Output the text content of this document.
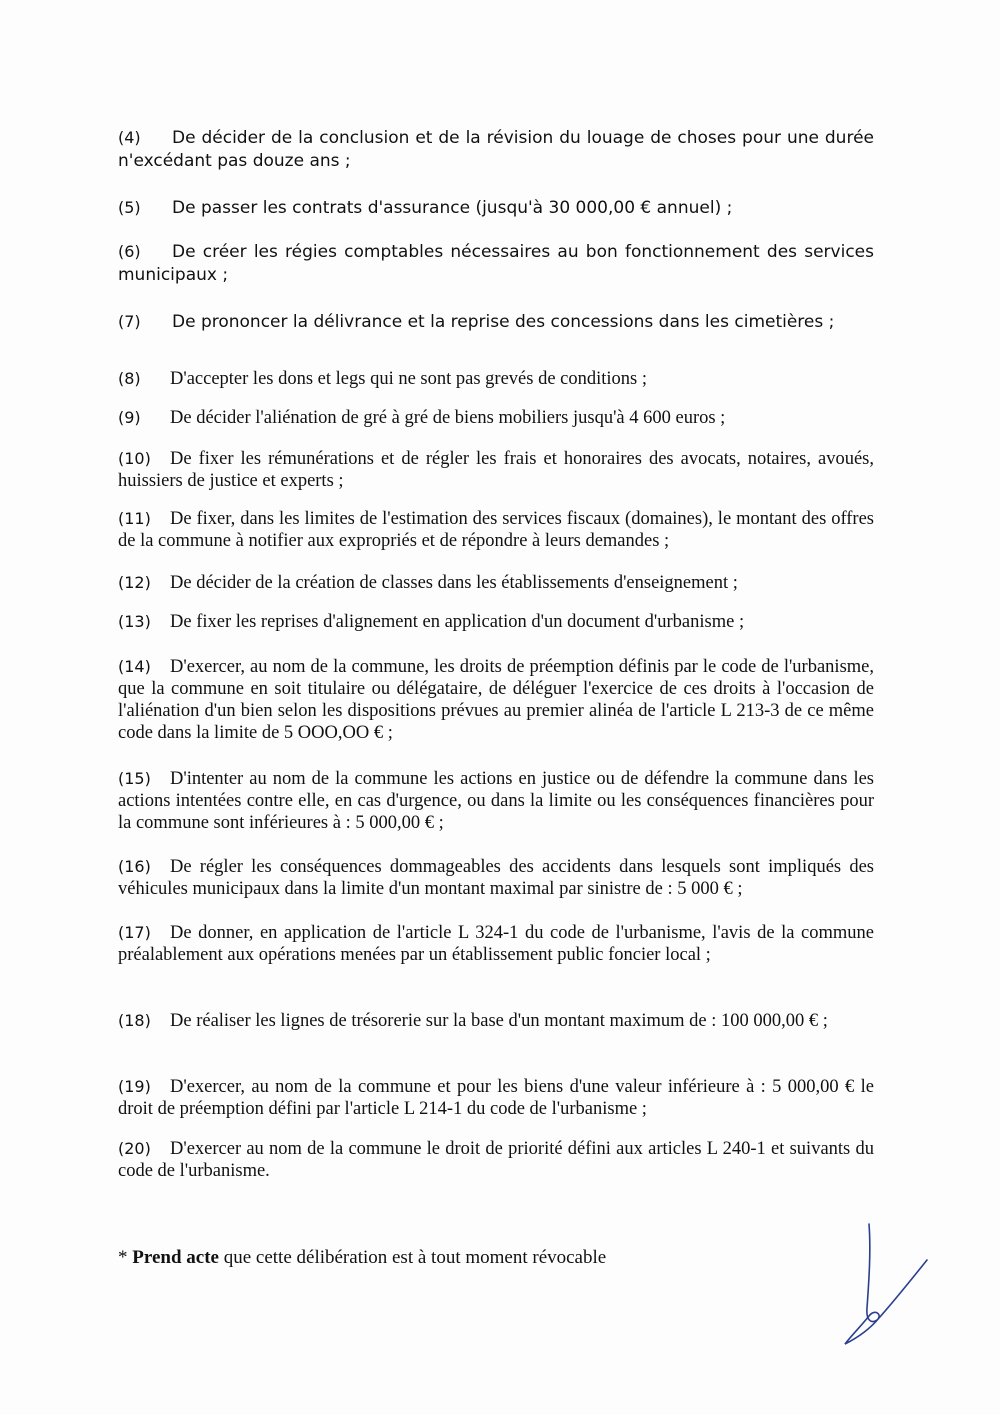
(4) De décider de la conclusion et de la révision du louage de choses pour une durée n'excédant pas douze ans ;

(5) De passer les contrats d'assurance (jusqu'à 30 000,00 € annuel) ;

(6) De créer les régies comptables nécessaires au bon fonctionnement des services municipaux ;

(7) De prononcer la délivrance et la reprise des concessions dans les cimetières ;

(8) D'accepter les dons et legs qui ne sont pas grevés de conditions ;

(9) De décider l'aliénation de gré à gré de biens mobiliers jusqu'à 4 600 euros ;

(10) De fixer les rémunérations et de régler les frais et honoraires des avocats, notaires, avoués, huissiers de justice et experts ;

(11) De fixer, dans les limites de l'estimation des services fiscaux (domaines), le montant des offres de la commune à notifier aux expropriés et de répondre à leurs demandes ;

(12) De décider de la création de classes dans les établissements d'enseignement ;

(13) De fixer les reprises d'alignement en application d'un document d'urbanisme ;

(14) D'exercer, au nom de la commune, les droits de préemption définis par le code de l'urbanisme, que la commune en soit titulaire ou délégataire, de déléguer l'exercice de ces droits à l'occasion de l'aliénation d'un bien selon les dispositions prévues au premier alinéa de l'article L 213-3 de ce même code dans la limite de 5 OOO,OO € ;

(15) D'intenter au nom de la commune les actions en justice ou de défendre la commune dans les actions intentées contre elle, en cas d'urgence, ou dans la limite ou les conséquences financières pour la commune sont inférieures à : 5 000,00 € ;

(16) De régler les conséquences dommageables des accidents dans lesquels sont impliqués des véhicules municipaux dans la limite d'un montant maximal par sinistre de : 5 000 € ;

(17) De donner, en application de l'article L 324-1 du code de l'urbanisme, l'avis de la commune préalablement aux opérations menées par un établissement public foncier local ;

(18) De réaliser les lignes de trésorerie sur la base d'un montant maximum de : 100 000,00 € ;

(19) D'exercer, au nom de la commune et pour les biens d'une valeur inférieure à : 5 000,00 € le droit de préemption défini par l'article L 214-1 du code de l'urbanisme ;

(20) D'exercer au nom de la commune le droit de priorité défini aux articles L 240-1 et suivants du code de l'urbanisme.

* Prend acte que cette délibération est à tout moment révocable
